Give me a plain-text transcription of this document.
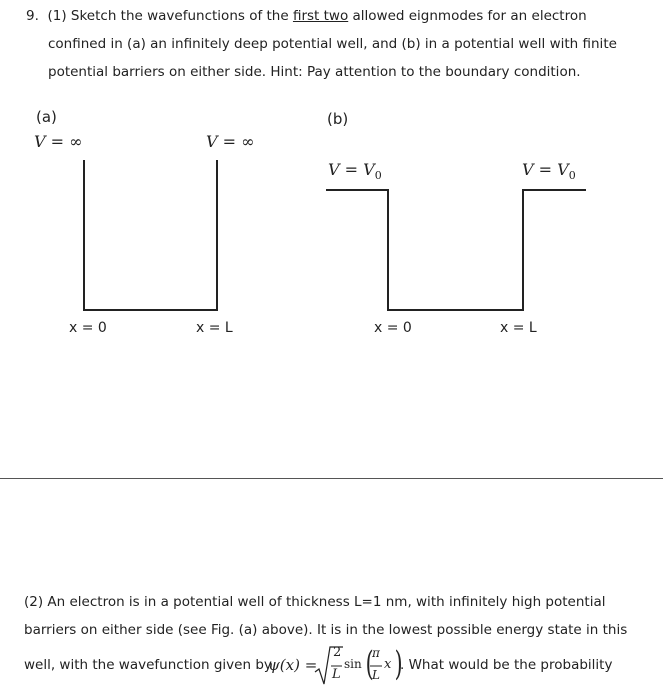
9. (1) Sketch the wavefunctions of the first two allowed eignmodes for an electron
confined in (a) an infinitely deep potential well, and (b) in a potential well with finite
potential barriers on either side. Hint: Pay attention to the boundary condition.
(a)
V = ∞	V = ∞
x = 0	x = L
(b)
$V = V_0$	$V = V_0$
x = 0	x = L
(2) An electron is in a potential well of thickness L=1 nm, with infinitely high potential
barriers on either side (see Fig. (a) above). It is in the lowest possible energy state in this
well, with the wavefunction given by
ψ(x) =
2
L
sin (
π
L
x )
. What would be the probability
